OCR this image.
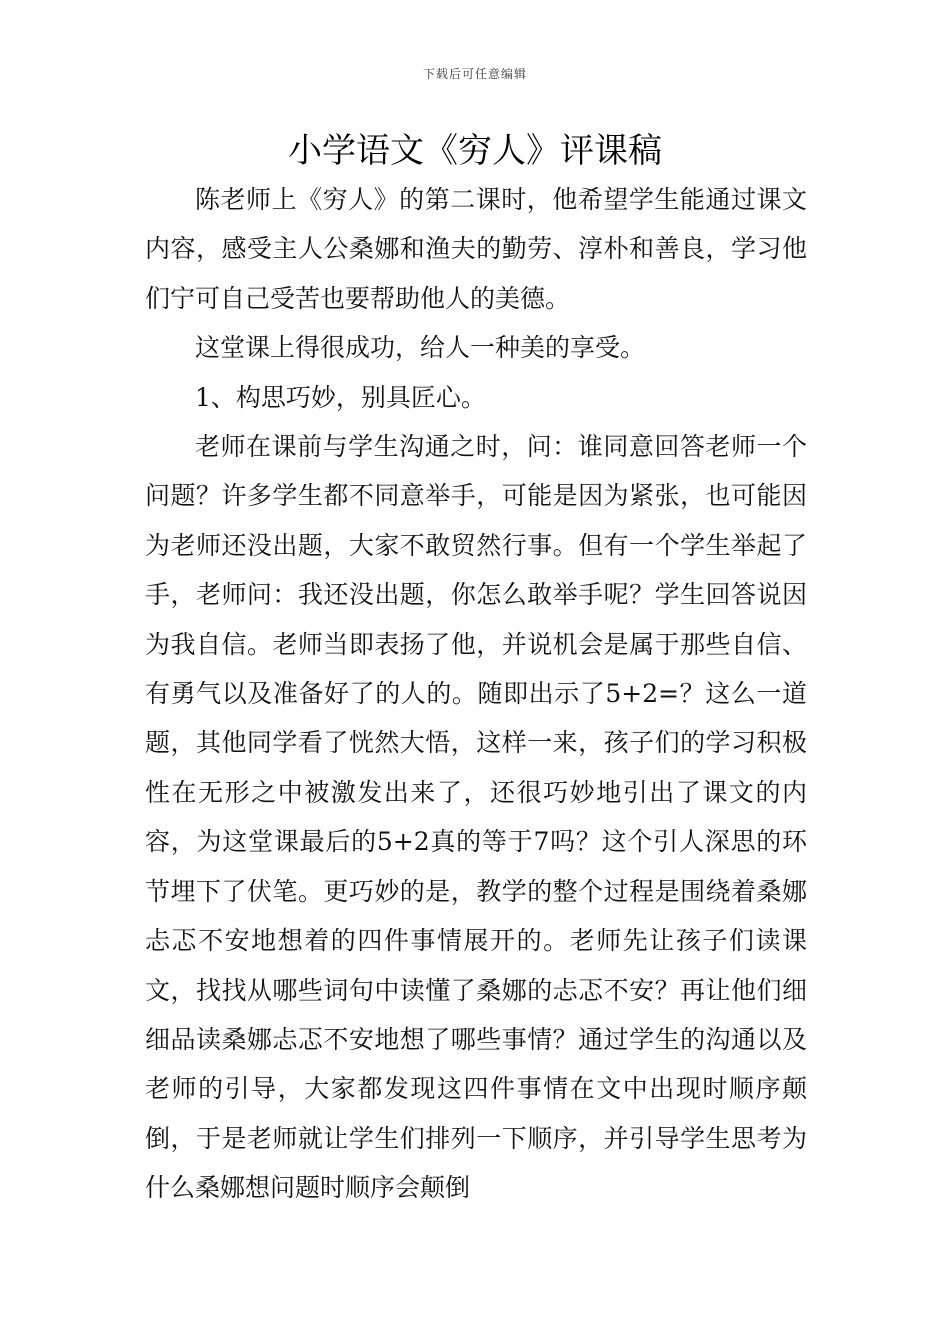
下载后可任意编辑
小学语文《穷人》评课稿

陈老师上《穷人》的第二课时，他希望学生能通过课文内容，感受主人公桑娜和渔夫的勤劳、淳朴和善良，学习他们宁可自己受苦也要帮助他人的美德。

这堂课上得很成功，给人一种美的享受。

1、构思巧妙，别具匠心。

老师在课前与学生沟通之时，问：谁同意回答老师一个问题？许多学生都不同意举手，可能是因为紧张，也可能因为老师还没出题，大家不敢贸然行事。但有一个学生举起了手，老师问：我还没出题，你怎么敢举手呢？学生回答说因为我自信。老师当即表扬了他，并说机会是属于那些自信、有勇气以及准备好了的人的。随即出示了5+2=？这么一道题，其他同学看了恍然大悟，这样一来，孩子们的学习积极性在无形之中被激发出来了，还很巧妙地引出了课文的内容，为这堂课最后的5+2真的等于7吗？这个引人深思的环节埋下了伏笔。更巧妙的是，教学的整个过程是围绕着桑娜忐忑不安地想着的四件事情展开的。老师先让孩子们读课文，找找从哪些词句中读懂了桑娜的忐忑不安？再让他们细细品读桑娜忐忑不安地想了哪些事情？通过学生的沟通以及老师的引导，大家都发现这四件事情在文中出现时顺序颠倒，于是老师就让学生们排列一下顺序，并引导学生思考为什么桑娜想问题时顺序会颠倒
